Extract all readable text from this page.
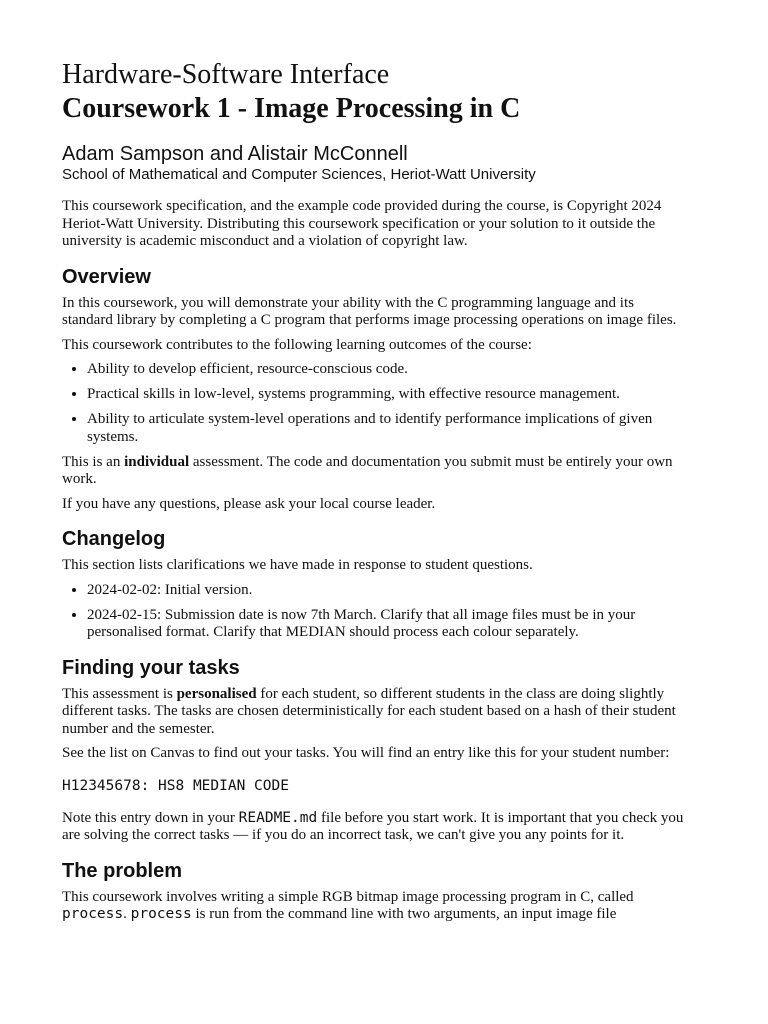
Hardware-Software Interface
Coursework 1 - Image Processing in C

Adam Sampson and Alistair McConnell

School of Mathematical and Computer Sciences, Heriot-Watt University

This coursework specification, and the example code provided during the course, is Copyright 2024 Heriot-Watt University. Distributing this coursework specification or your solution to it outside the university is academic misconduct and a violation of copyright law.

Overview

In this coursework, you will demonstrate your ability with the C programming language and its standard library by completing a C program that performs image processing operations on image files.

This coursework contributes to the following learning outcomes of the course:

• Ability to develop efficient, resource-conscious code.
• Practical skills in low-level, systems programming, with effective resource management.
• Ability to articulate system-level operations and to identify performance implications of given systems.

This is an individual assessment. The code and documentation you submit must be entirely your own work.

If you have any questions, please ask your local course leader.

Changelog

This section lists clarifications we have made in response to student questions.

• 2024-02-02: Initial version.
• 2024-02-15: Submission date is now 7th March. Clarify that all image files must be in your personalised format. Clarify that MEDIAN should process each colour separately.
Finding your tasks

This assessment is personalised for each student, so different students in the class are doing slightly different tasks. The tasks are chosen deterministically for each student based on a hash of their student number and the semester.

See the list on Canvas to find out your tasks. You will find an entry like this for your student number:

H12345678: HS8 MEDIAN CODE

Note this entry down in your README.md file before you start work. It is important that you check you are solving the correct tasks — if you do an incorrect task, we can't give you any points for it.

The problem

This coursework involves writing a simple RGB bitmap image processing program in C, called process. process is run from the command line with two arguments, an input image file
